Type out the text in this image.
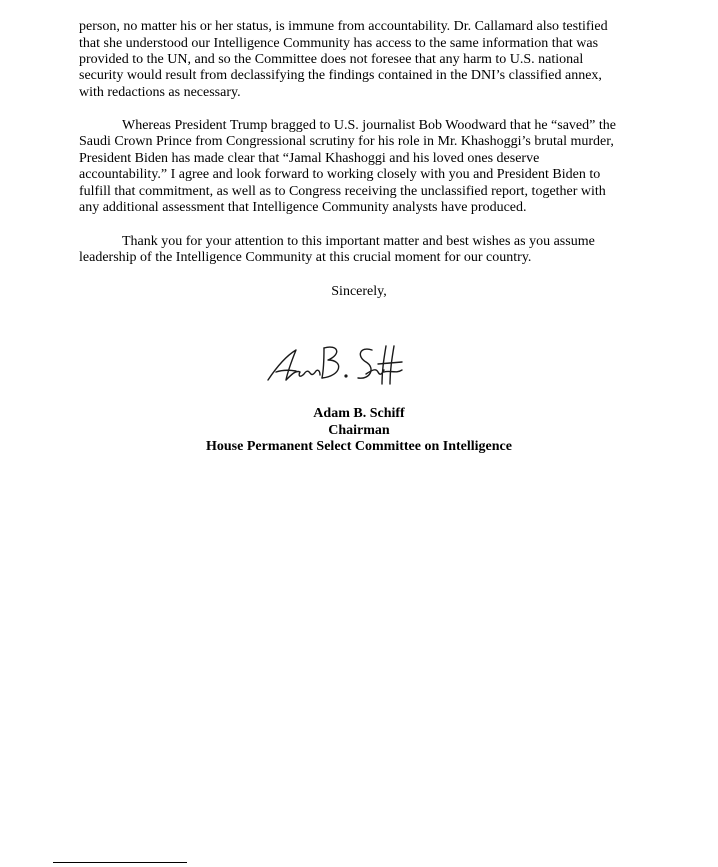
person, no matter his or her status, is immune from accountability. Dr. Callamard also testified
that she understood our Intelligence Community has access to the same information that was
provided to the UN, and so the Committee does not foresee that any harm to U.S. national
security would result from declassifying the findings contained in the DNI’s classified annex,
with redactions as necessary.
Whereas President Trump bragged to U.S. journalist Bob Woodward that he “saved” the
Saudi Crown Prince from Congressional scrutiny for his role in Mr. Khashoggi’s brutal murder,
President Biden has made clear that “Jamal Khashoggi and his loved ones deserve
accountability.” I agree and look forward to working closely with you and President Biden to
fulfill that commitment, as well as to Congress receiving the unclassified report, together with
any additional assessment that Intelligence Community analysts have produced.
Thank you for your attention to this important matter and best wishes as you assume
leadership of the Intelligence Community at this crucial moment for our country.
Sincerely,
Adam B. Schiff
Chairman
House Permanent Select Committee on Intelligence
